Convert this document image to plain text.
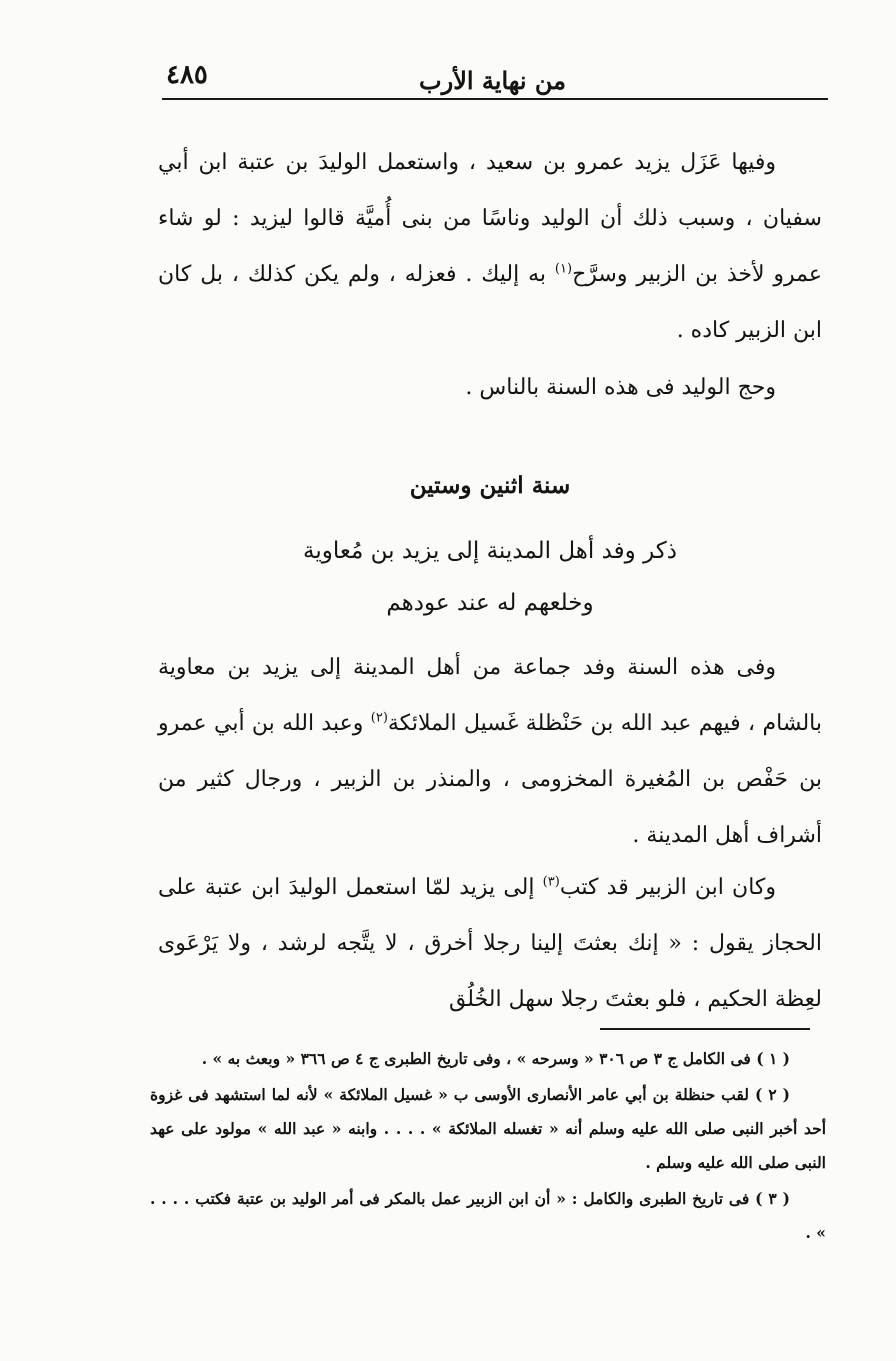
من نهاية الأرب
٤٨٥
وفيها عَزَل يزيد عمرو بن سعيد ، واستعمل الوليدَ بن عتبة ابن أبي سفيان ، وسبب ذلك أن الوليد وناسًا من بنى أُميَّة قالوا ليزيد : لو شاء عمرو لأخذ بن الزبير وسرَّح$^{(١)}$ به إليك . فعزله ، ولم يكن كذلك ، بل كان ابن الزبير كاده .
وحج الوليد فى هذه السنة بالناس .
سنة اثنين وستين
ذكر وفد أهل المدينة إلى يزيد بن مُعاوية
وخلعهم له عند عودهم
وفى هذه السنة وفد جماعة من أهل المدينة إلى يزيد بن معاوية بالشام ، فيهم عبد الله بن حَنْظلة غَسيل الملائكة$^{(٢)}$ وعبد الله بن أبي عمرو بن حَفْص بن المُغيرة المخزومى ، والمنذر بن الزبير ، ورجال كثير من أشراف أهل المدينة .
وكان ابن الزبير قد كتب$^{(٣)}$ إلى يزيد لمّا استعمل الوليدَ ابن عتبة على الحجاز يقول : « إنك بعثتَ إلينا رجلا أخرق ، لا يتَّجه لرشد ، ولا يَرْعَوى لعِظة الحكيم ، فلو بعثتَ رجلا سهل الخُلُق
( ١ ) فى الكامل ج ٣ ص ٣٠٦ « وسرحه » ، وفى تاريخ الطبرى ج ٤ ص ٣٦٦ « وبعث به » .
( ٢ ) لقب حنظلة بن أبي عامر الأنصارى الأوسى ب « غسيل الملائكة » لأنه لما استشهد فى غزوة أحد أخبر النبى صلى الله عليه وسلم أنه « تغسله الملائكة » . . . . وابنه « عبد الله » مولود على عهد النبى صلى الله عليه وسلم .
( ٣ ) فى تاريخ الطبرى والكامل : « أن ابن الزبير عمل بالمكر فى أمر الوليد بن عتبة فكتب . . . . » .
